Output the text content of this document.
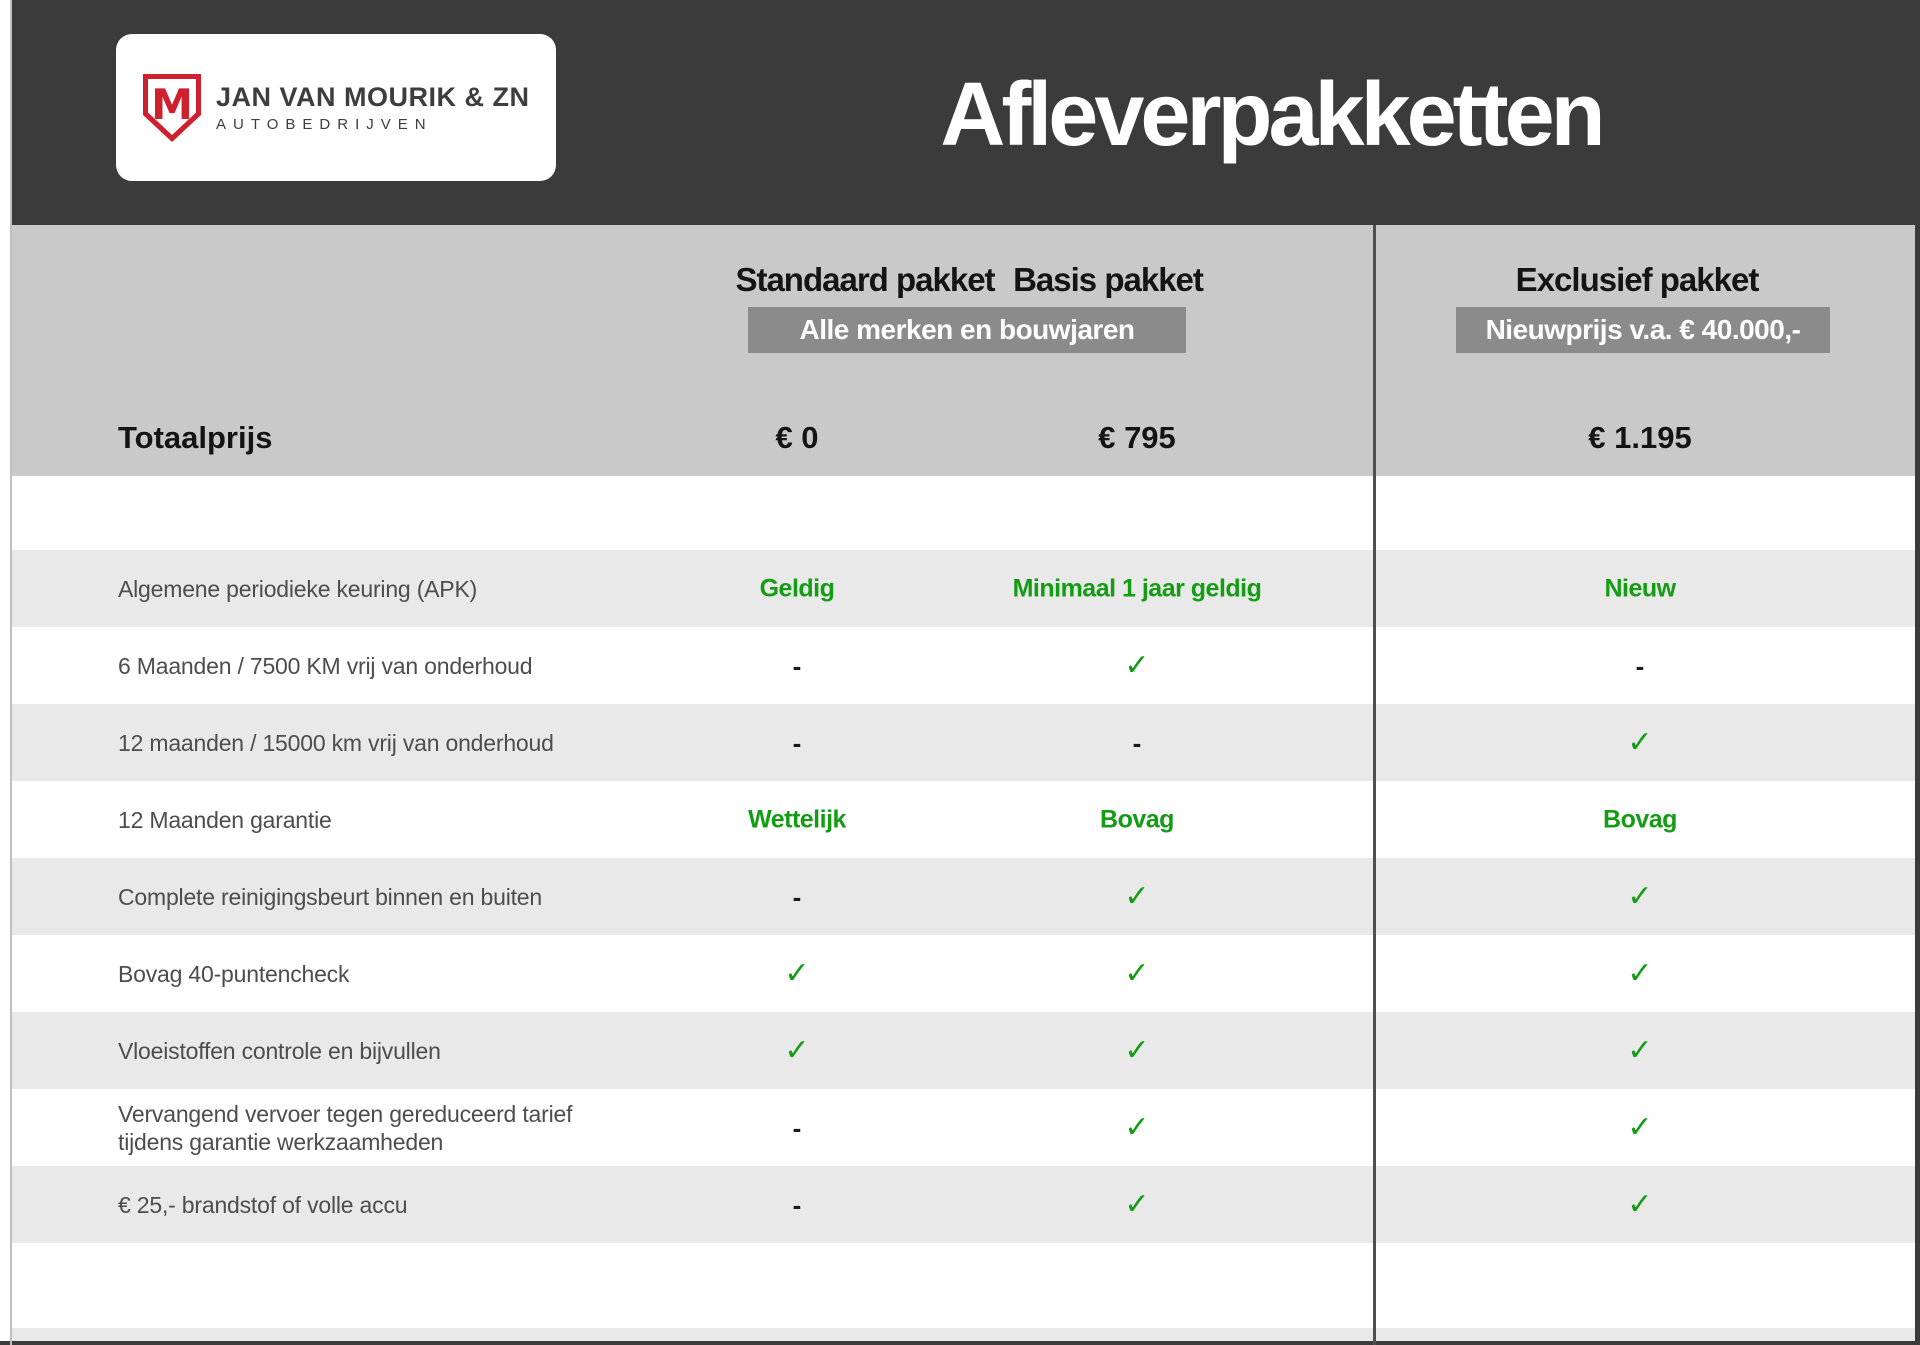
M JAN VAN MOURIK & ZN
AUTOBEDRIJVEN	Afleverpakketten
Standaard pakket Basis pakket	Exclusief pakket
Alle merken en bouwjaren	Nieuwprijs v.a. € 40.000,-
Totaalprijs	€ 0	€ 795	€ 1.195
Algemene periodieke keuring (APK)	Geldig	Minimaal 1 jaar geldig	Nieuw
6 Maanden / 7500 KM vrij van onderhoud	-	✓	-
12 maanden / 15000 km vrij van onderhoud	-	-	✓
12 Maanden garantie	Wettelijk	Bovag	Bovag
Complete reinigingsbeurt binnen en buiten	-	✓	✓
Bovag 40-puntencheck	✓	✓	✓
Vloeistoffen controle en bijvullen	✓	✓	✓
Vervangend vervoer tegen gereduceerd tarief tijdens garantie werkzaamheden	-	✓	✓
€ 25,- brandstof of volle accu	-	✓	✓
